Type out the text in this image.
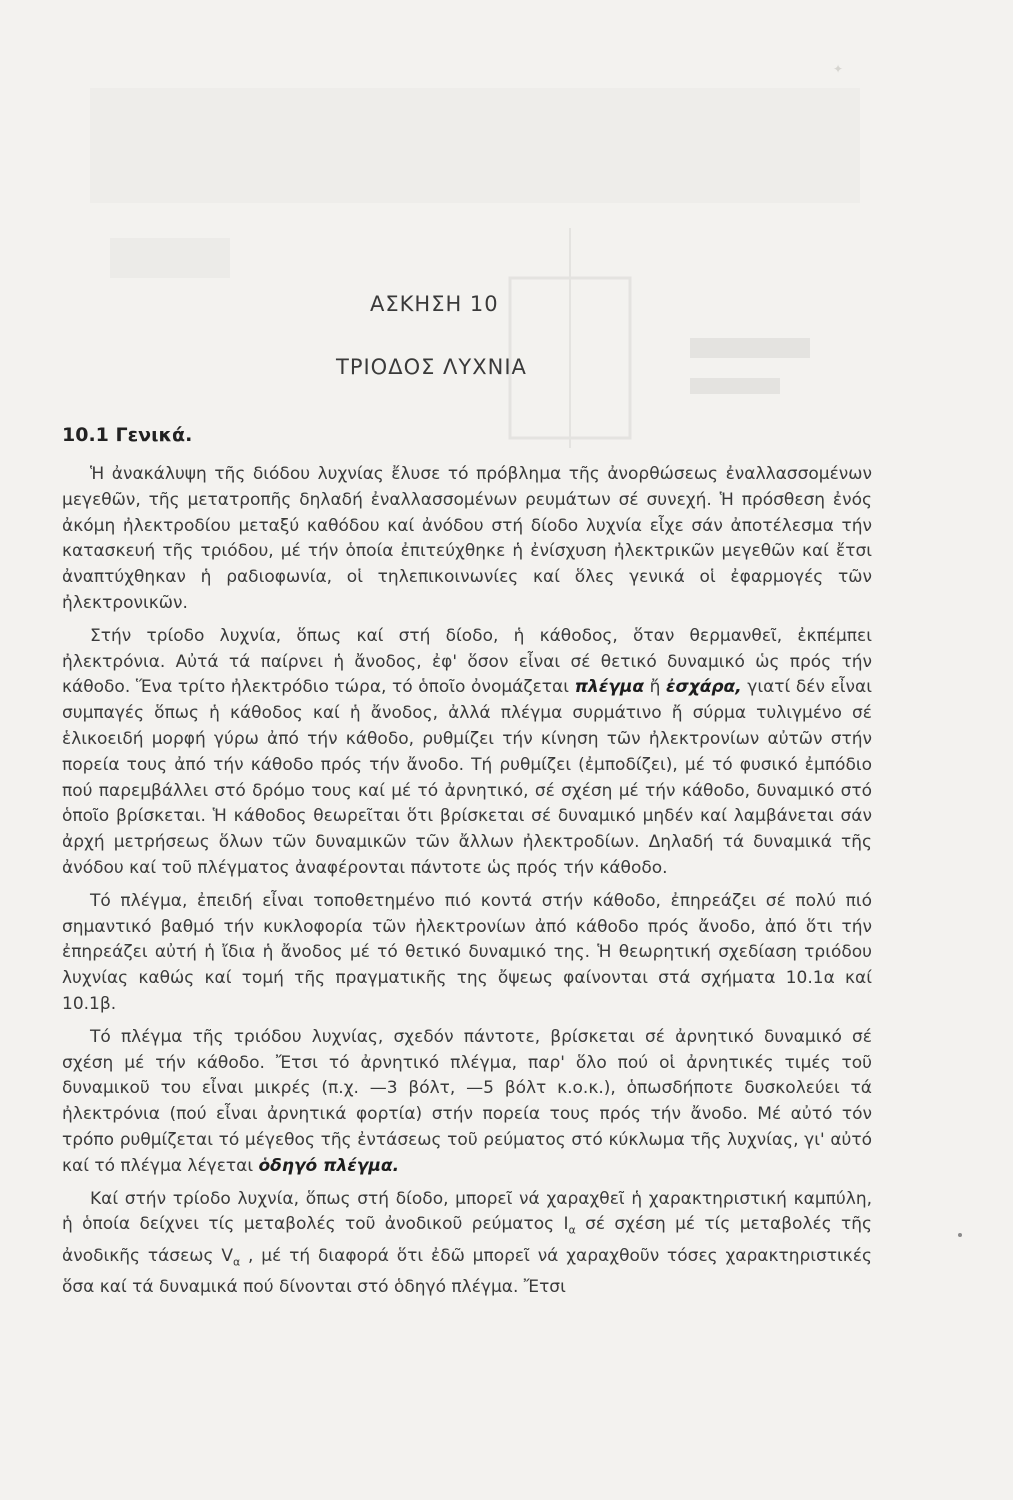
✦
ΑΣΚΗΣΗ 10
ΤΡΙΟΔΟΣ ΛΥΧΝΙΑ
10.1 Γενικά.

Ἡ ἀνακάλυψη τῆς διόδου λυχνίας ἔλυσε τό πρόβλημα τῆς ἀνορθώσεως ἐναλλασσομένων μεγεθῶν, τῆς μετατροπῆς δηλαδή ἐναλλασσομένων ρευμάτων σέ συνεχή. Ἡ πρόσθεση ἐνός ἀκόμη ἠλεκτροδίου μεταξύ καθόδου καί ἀνόδου στή δίοδο λυχνία εἶχε σάν ἀποτέλεσμα τήν κατασκευή τῆς τριόδου, μέ τήν ὁποία ἐπιτεύχθηκε ἡ ἐνίσχυση ἠλεκτρικῶν μεγεθῶν καί ἔτσι ἀναπτύχθηκαν ἡ ραδιοφωνία, οἱ τηλεπικοινωνίες καί ὅλες γενικά οἱ ἐφαρμογές τῶν ἠλεκτρονικῶν.

Στήν τρίοδο λυχνία, ὅπως καί στή δίοδο, ἡ κάθοδος, ὅταν θερμανθεῖ, ἐκπέμπει ἠλεκτρόνια. Αὐτά τά παίρνει ἡ ἄνοδος, ἐφ' ὅσον εἶναι σέ θετικό δυναμικό ὡς πρός τήν κάθοδο. Ἕνα τρίτο ἠλεκτρόδιο τώρα, τό ὁποῖο ὀνομάζεται πλέγμα ἤ ἐσχάρα, γιατί δέν εἶναι συμπαγές ὅπως ἡ κάθοδος καί ἡ ἄνοδος, ἀλλά πλέγμα συρμάτινο ἤ σύρμα τυλιγμένο σέ ἑλικοειδή μορφή γύρω ἀπό τήν κάθοδο, ρυθμίζει τήν κίνηση τῶν ἠλεκτρονίων αὐτῶν στήν πορεία τους ἀπό τήν κάθοδο πρός τήν ἄνοδο. Τή ρυθμίζει (ἐμποδίζει), μέ τό φυσικό ἐμπόδιο πού παρεμβάλλει στό δρόμο τους καί μέ τό ἀρνητικό, σέ σχέση μέ τήν κάθοδο, δυναμικό στό ὁποῖο βρίσκεται. Ἡ κάθοδος θεωρεῖται ὅτι βρίσκεται σέ δυναμικό μηδέν καί λαμβάνεται σάν ἀρχή μετρήσεως ὅλων τῶν δυναμικῶν τῶν ἄλλων ἠλεκτροδίων. Δηλαδή τά δυναμικά τῆς ἀνόδου καί τοῦ πλέγματος ἀναφέρονται πάντοτε ὡς πρός τήν κάθοδο.

Τό πλέγμα, ἐπειδή εἶναι τοποθετημένο πιό κοντά στήν κάθοδο, ἐπηρεάζει σέ πολύ πιό σημαντικό βαθμό τήν κυκλοφορία τῶν ἠλεκτρονίων ἀπό κάθοδο πρός ἄνοδο, ἀπό ὅτι τήν ἐπηρεάζει αὐτή ἡ ἴδια ἡ ἄνοδος μέ τό θετικό δυναμικό της. Ἡ θεωρητική σχεδίαση τριόδου λυχνίας καθώς καί τομή τῆς πραγματικῆς της ὄψεως φαίνονται στά σχήματα 10.1α καί 10.1β.

Τό πλέγμα τῆς τριόδου λυχνίας, σχεδόν πάντοτε, βρίσκεται σέ ἀρνητικό δυναμικό σέ σχέση μέ τήν κάθοδο. Ἔτσι τό ἀρνητικό πλέγμα, παρ' ὅλο πού οἱ ἀρνητικές τιμές τοῦ δυναμικοῦ του εἶναι μικρές (π.χ. —3 βόλτ, —5 βόλτ κ.ο.κ.), ὁπωσδήποτε δυσκολεύει τά ἠλεκτρόνια (πού εἶναι ἀρνητικά φορτία) στήν πορεία τους πρός τήν ἄνοδο. Μέ αὐτό τόν τρόπο ρυθμίζεται τό μέγεθος τῆς ἐντάσεως τοῦ ρεύματος στό κύκλωμα τῆς λυχνίας, γι' αὐτό καί τό πλέγμα λέγεται ὁδηγό πλέγμα.

Καί στήν τρίοδο λυχνία, ὅπως στή δίοδο, μπορεῖ νά χαραχθεῖ ἡ χαρακτηριστική καμπύλη, ἡ ὁποία δείχνει τίς μεταβολές τοῦ ἀνοδικοῦ ρεύματος $I_\alpha$ σέ σχέση μέ τίς μεταβολές τῆς ἀνοδικῆς τάσεως $V_\alpha$ , μέ τή διαφορά ὅτι ἐδῶ μπορεῖ νά χαραχθοῦν τόσες χαρακτηριστικές ὅσα καί τά δυναμικά πού δίνονται στό ὁδηγό πλέγμα. Ἔτσι
